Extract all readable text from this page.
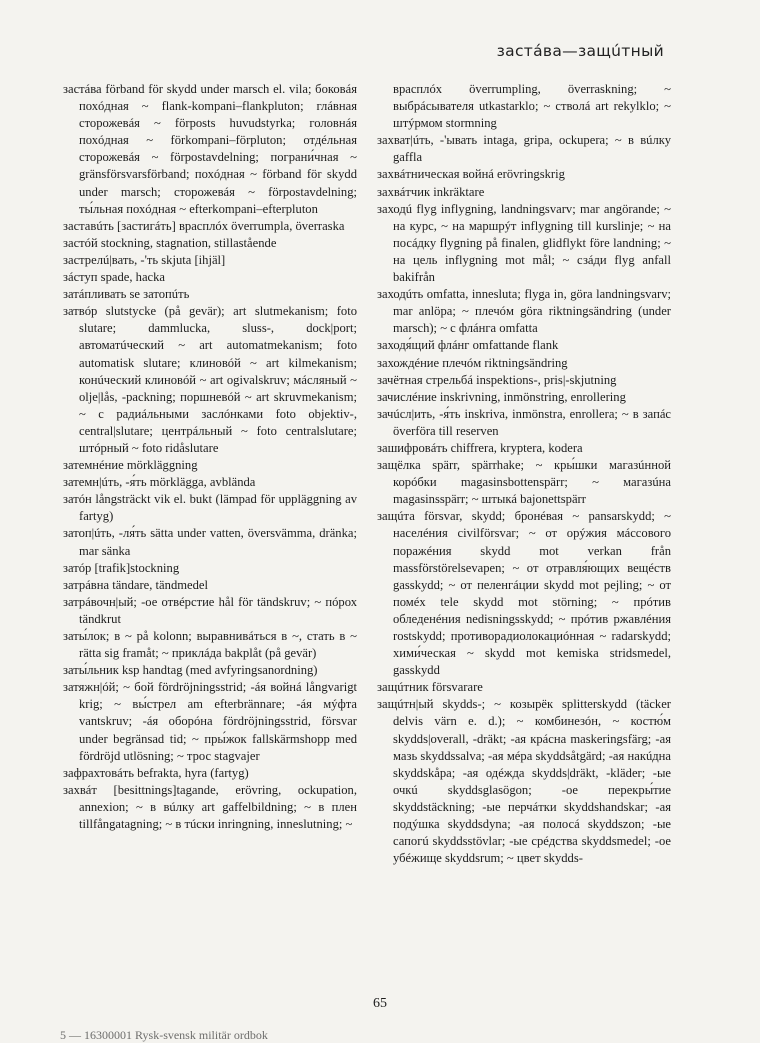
застáва—защúтный

застáва förband för skydd under marsch el. vila; боковáя похóдная ~ flank-kompani–flankpluton; глáвная сторожевáя ~ förposts huvudstyrka; головнáя похóдная ~ förkompani–förpluton; отдéльная сторожевáя ~ förpostavdelning; пограни́чная ~ gränsförsvarsförband; похóдная ~ förband för skydd under marsch; сторожевáя ~ förpostavdelning; ты́льная похóдная ~ efterkompani–efterpluton

заставúть [застигáть] врасплóх överrumpla, överraska

застóй stockning, stagnation, stillastående

застрелú|вать, -'ть skjuta [ihjäl]

зáступ spade, hacka

затáпливать se затопúть

затвóр slutstycke (på gevär); art slutmekanism; foto slutare; dammlucka, sluss-, dock|port; автоматúческий ~ art automatmekanism; foto automatisk slutare; клиновóй ~ art kilmekanism; конúческий клиновóй ~ art ogivalskruv; мáсляный ~ olje|lås, -packning; поршневóй ~ art skruvmekanism; ~ с радиáльными заслóнками foto objektiv-, central|slutare; центрáльный ~ foto centralslutare; штóрный ~ foto ridåslutare

затемнéние mörkläggning

затемн|úть, -я́ть mörklägga, avblända

затóн långsträckt vik el. bukt (lämpad för uppläggning av fartyg)

затоп|úть, -ля́ть sätta under vatten, översvämma, dränka; mar sänka

затóр [trafik]stockning

затрáвна tändare, tändmedel

затрáвочн|ый; -ое отвéрстие hål för tändskruv; ~ пóрох tändkrut

заты́лок; в ~ på kolonn; выравнивáться в ~, стать в ~ rätta sig framåt; ~ приклáда bakplåt (på gevär)

заты́льник ksp handtag (med avfyringsanordning)

затяжн|óй; ~ бой fördröjningsstrid; -áя войнá långvarigt krig; ~ вы́стрел am efterbrännare; -áя мýфта vantskruv; -áя оборóна fördröjningsstrid, försvar under begränsad tid; ~ пры́жок fallskärmshopp med fördröjd utlösning; ~ трос stagvajer

зафрахтовáть befrakta, hyra (fartyg)

захвáт [besittnings]tagande, erövring, ockupation, annexion; ~ в вúлку art gaffelbildning; ~ в плен tillfångatagning; ~ в тúски inringning, inneslutning; ~

врасплóх överrumpling, överraskning; ~ выбрáсывателя utkastarklo; ~ стволá art rekylklo; ~ штýрмом stormning

захват|úть, -'ывать intaga, gripa, ockupera; ~ в вúлку gaffla

захвáтническая войнá erövringskrig

захвáтчик inkräktare

заходú flyg inflygning, landningsvarv; mar angörande; ~ на курс, ~ на маршрýт inflygning till kurslinje; ~ на посáдку flygning på finalen, glidflykt före landning; ~ на цель inflygning mot mål; ~ сзáди flyg anfall bakifrån

заходúть omfatta, innesluta; flyga in, göra landningsvarv; mar anlöpa; ~ плечóм göra riktningsändring (under marsch); ~ с флáнга omfatta

заходя́щий флáнг omfattande flank

захождéние плечóм riktningsändring

зачётная стрельбá inspektions-, pris|-skjutning

зачислéние inskrivning, inmönstring, enrollering

зачúсл|ить, -я́ть inskriva, inmönstra, enrollera; ~ в запáс överföra till reserven

зашифровáть chiffrera, kryptera, kodera

защёлка spärr, spärrhake; ~ кры́шки магазúнной корóбки magasinsbottenspärr; ~ магазúна magasinsspärr; ~ штыкá bajonettspärr

защúта försvar, skydd; бронéвая ~ pansarskydd; ~ населéния civilförsvar; ~ от орýжия мáссового поражéния skydd mot verkan från massförstörelsevapen; ~ от отравля́ющих вещéств gasskydd; ~ от пеленгáции skydd mot pejling; ~ от помéх tele skydd mot störning; ~ прóтив обледенéния nedisningsskydd; ~ прóтив ржавлéния rostskydd; противорадиолокациóнная ~ radarskydd; хими́ческая ~ skydd mot kemiska stridsmedel, gasskydd

защúтник försvarare

защúтн|ый skydds-; ~ козырёк splitterskydd (täcker delvis värn e. d.); ~ комбинезóн, ~ костю́м skydds|overall, -dräkt; -ая крáсна maskeringsfärg; -ая мазь skyddssalva; -ая мéра skyddsåtgärd; -ая накúдна skyddskåpa; -ая одéжда skydds|dräkt, -kläder; -ые очкú skyddsglasögon; -ое перекры́тие skyddstäckning; -ые перчáтки skyddshandskar; -ая подýшка skyddsdyna; -ая полосá skyddszon; -ые сапогú skyddsstövlar; -ые срéдства skyddsmedel; -ое убéжище skyddsrum; ~ цвет skydds-

65
5 — 16300001 Rysk-svensk militär ordbok
